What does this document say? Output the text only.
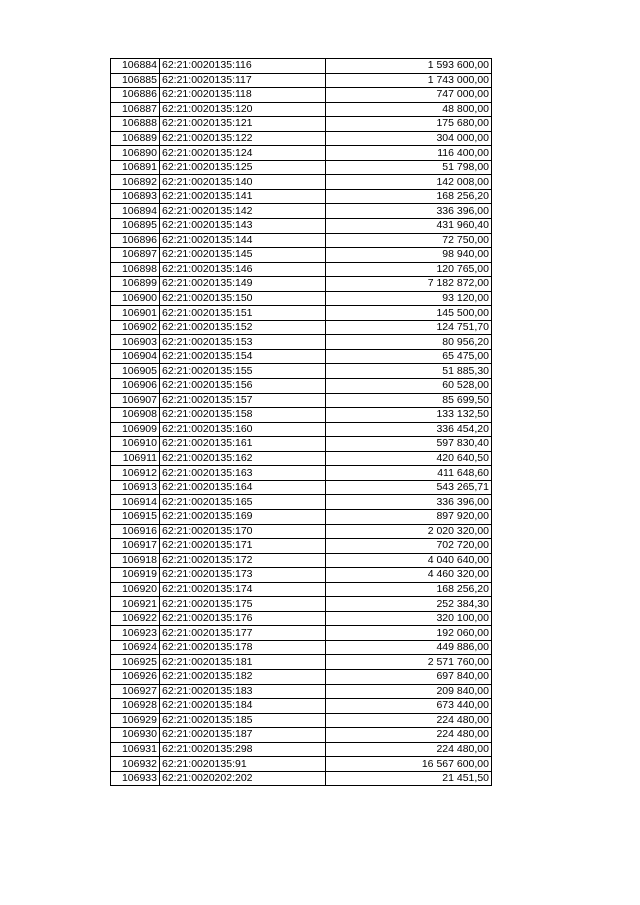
106884	62:21:0020135:116	1 593 600,00
106885	62:21:0020135:117	1 743 000,00
106886	62:21:0020135:118	747 000,00
106887	62:21:0020135:120	48 800,00
106888	62:21:0020135:121	175 680,00
106889	62:21:0020135:122	304 000,00
106890	62:21:0020135:124	116 400,00
106891	62:21:0020135:125	51 798,00
106892	62:21:0020135:140	142 008,00
106893	62:21:0020135:141	168 256,20
106894	62:21:0020135:142	336 396,00
106895	62:21:0020135:143	431 960,40
106896	62:21:0020135:144	72 750,00
106897	62:21:0020135:145	98 940,00
106898	62:21:0020135:146	120 765,00
106899	62:21:0020135:149	7 182 872,00
106900	62:21:0020135:150	93 120,00
106901	62:21:0020135:151	145 500,00
106902	62:21:0020135:152	124 751,70
106903	62:21:0020135:153	80 956,20
106904	62:21:0020135:154	65 475,00
106905	62:21:0020135:155	51 885,30
106906	62:21:0020135:156	60 528,00
106907	62:21:0020135:157	85 699,50
106908	62:21:0020135:158	133 132,50
106909	62:21:0020135:160	336 454,20
106910	62:21:0020135:161	597 830,40
106911	62:21:0020135:162	420 640,50
106912	62:21:0020135:163	411 648,60
106913	62:21:0020135:164	543 265,71
106914	62:21:0020135:165	336 396,00
106915	62:21:0020135:169	897 920,00
106916	62:21:0020135:170	2 020 320,00
106917	62:21:0020135:171	702 720,00
106918	62:21:0020135:172	4 040 640,00
106919	62:21:0020135:173	4 460 320,00
106920	62:21:0020135:174	168 256,20
106921	62:21:0020135:175	252 384,30
106922	62:21:0020135:176	320 100,00
106923	62:21:0020135:177	192 060,00
106924	62:21:0020135:178	449 886,00
106925	62:21:0020135:181	2 571 760,00
106926	62:21:0020135:182	697 840,00
106927	62:21:0020135:183	209 840,00
106928	62:21:0020135:184	673 440,00
106929	62:21:0020135:185	224 480,00
106930	62:21:0020135:187	224 480,00
106931	62:21:0020135:298	224 480,00
106932	62:21:0020135:91	16 567 600,00
106933	62:21:0020202:202	21 451,50
